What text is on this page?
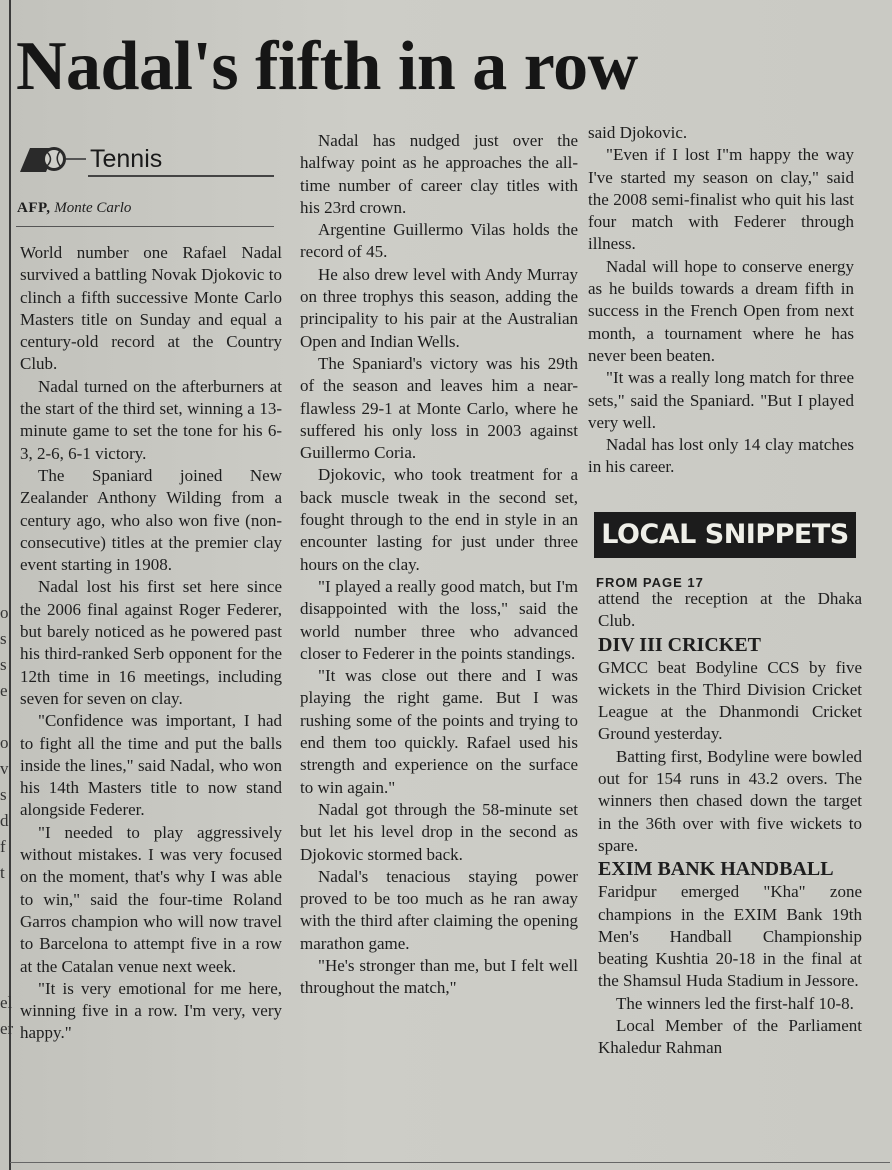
o
s
s
e
o
v
s
d
f
t
el
er
Nadal's fifth in a row
Tennis
AFP, Monte Carlo

World number one Rafael Nadal survived a battling Novak Djokovic to clinch a fifth successive Monte Carlo Masters title on Sunday and equal a century-old record at the Country Club.

Nadal turned on the afterburners at the start of the third set, winning a 13-minute game to set the tone for his 6-3, 2-6, 6-1 victory.

The Spaniard joined New Zealander Anthony Wilding from a century ago, who also won five (non-consecutive) titles at the premier clay event starting in 1908.

Nadal lost his first set here since the 2006 final against Roger Federer, but barely noticed as he powered past his third-ranked Serb opponent for the 12th time in 16 meetings, including seven for seven on clay.

"Confidence was important, I had to fight all the time and put the balls inside the lines," said Nadal, who won his 14th Masters title to now stand alongside Federer.

"I needed to play aggressively without mistakes. I was very focused on the moment, that's why I was able to win," said the four-time Roland Garros champion who will now travel to Barcelona to attempt five in a row at the Catalan venue next week.

"It is very emotional for me here, winning five in a row. I'm very, very happy."

Nadal has nudged just over the halfway point as he approaches the all-time number of career clay titles with his 23rd crown.

Argentine Guillermo Vilas holds the record of 45.

He also drew level with Andy Murray on three trophys this season, adding the principality to his pair at the Australian Open and Indian Wells.

The Spaniard's victory was his 29th of the season and leaves him a near-flawless 29-1 at Monte Carlo, where he suffered his only loss in 2003 against Guillermo Coria.

Djokovic, who took treatment for a back muscle tweak in the second set, fought through to the end in style in an encounter lasting for just under three hours on the clay.

"I played a really good match, but I'm disappointed with the loss," said the world number three who advanced closer to Federer in the points standings.

"It was close out there and I was playing the right game. But I was rushing some of the points and trying to end them too quickly. Rafael used his strength and experience on the surface to win again."

Nadal got through the 58-minute set but let his level drop in the second as Djokovic stormed back.

Nadal's tenacious staying power proved to be too much as he ran away with the third after claiming the opening marathon game.

"He's stronger than me, but I felt well throughout the match,"

said Djokovic.

"Even if I lost I"m happy the way I've started my season on clay," said the 2008 semi-finalist who quit his last four match with Federer through illness.

Nadal will hope to conserve energy as he builds towards a dream fifth in success in the French Open from next month, a tournament where he has never been beaten.

"It was a really long match for three sets," said the Spaniard. "But I played very well.

Nadal has lost only 14 clay matches in his career.

LOCAL SNIPPETS
FROM PAGE 17

attend the reception at the Dhaka Club.

DIV III CRICKET

GMCC beat Bodyline CCS by five wickets in the Third Division Cricket League at the Dhanmondi Cricket Ground yesterday.

Batting first, Bodyline were bowled out for 154 runs in 43.2 overs. The winners then chased down the target in the 36th over with five wickets to spare.

EXIM BANK HANDBALL

Faridpur emerged "Kha" zone champions in the EXIM Bank 19th Men's Handball Championship beating Kushtia 20-18 in the final at the Shamsul Huda Stadium in Jessore.

The winners led the first-half 10-8.

Local Member of the Parliament Khaledur Rahman
